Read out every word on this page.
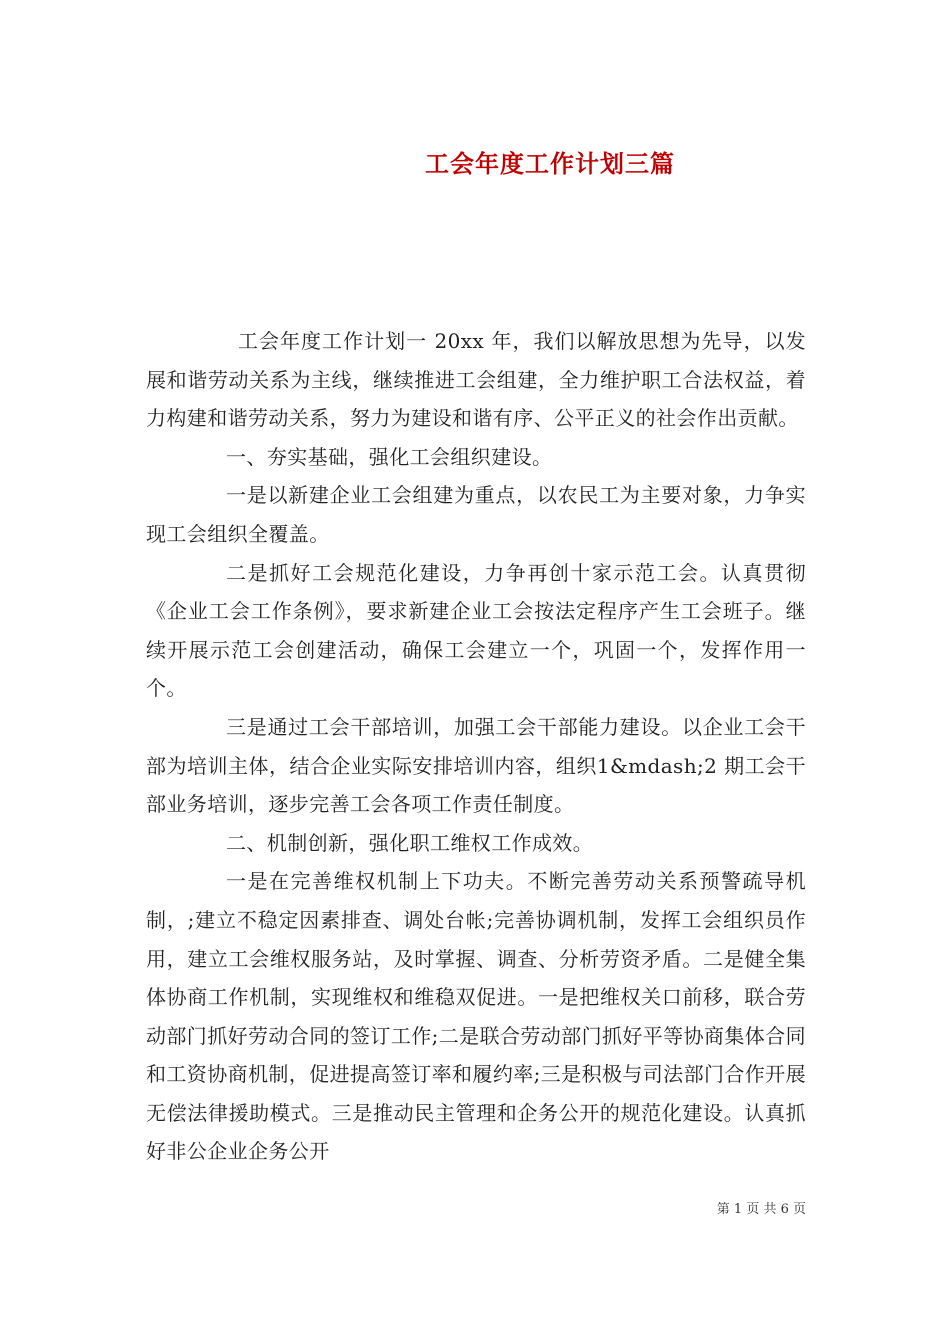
工会年度工作计划三篇

工会年度工作计划一 20xx 年，我们以解放思想为先导，以发展和谐劳动关系为主线，继续推进工会组建，全力维护职工合法权益，着力构建和谐劳动关系，努力为建设和谐有序、公平正义的社会作出贡献。

一、夯实基础，强化工会组织建设。

一是以新建企业工会组建为重点，以农民工为主要对象，力争实现工会组织全覆盖。

二是抓好工会规范化建设，力争再创十家示范工会。认真贯彻《企业工会工作条例》，要求新建企业工会按法定程序产生工会班子。继续开展示范工会创建活动，确保工会建立一个，巩固一个，发挥作用一个。

三是通过工会干部培训，加强工会干部能力建设。以企业工会干部为培训主体，结合企业实际安排培训内容，组织1&mdash;2 期工会干部业务培训，逐步完善工会各项工作责任制度。

二、机制创新，强化职工维权工作成效。

一是在完善维权机制上下功夫。不断完善劳动关系预警疏导机制，;建立不稳定因素排查、调处台帐;完善协调机制，发挥工会组织员作用，建立工会维权服务站，及时掌握、调查、分析劳资矛盾。二是健全集体协商工作机制，实现维权和维稳双促进。一是把维权关口前移，联合劳动部门抓好劳动合同的签订工作;二是联合劳动部门抓好平等协商集体合同和工资协商机制，促进提高签订率和履约率;三是积极与司法部门合作开展无偿法律援助模式。三是推动民主管理和企务公开的规范化建设。认真抓好非公企业企务公开

第 1 页 共 6 页
